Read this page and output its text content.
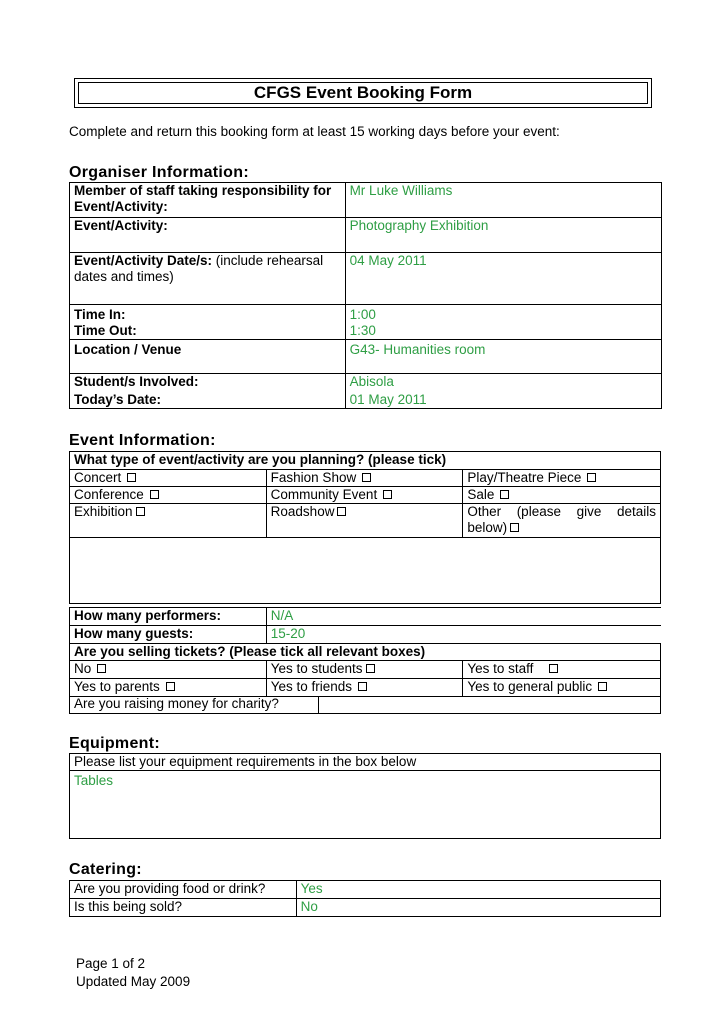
CFGS Event Booking Form
Complete and return this booking form at least 15 working days before your event:
Organiser Information:
Member of staff taking responsibility for Event/Activity:	Mr Luke Williams
Event/Activity:	Photography Exhibition
Event/Activity Date/s: (include rehearsal dates and times)	04 May 2011
Time In:	1:00
Time Out:	1:30
Location / Venue	G43- Humanities room
Student/s Involved:	Abisola
Today’s Date:	01 May 2011
Event Information:
What type of event/activity are you planning? (please tick)		
Concert	Fashion Show	Play/Theatre Piece
Conference	Community Event	Sale
Exhibition	Roadshow	Other (please give details below)

How many performers:	N/A	
How many guests:	15-20	
Are you selling tickets? (Please tick all relevant boxes)		
No	Yes to students	Yes to staff
Yes to parents	Yes to friends	Yes to general public
Are you raising money for charity?	
Equipment:
Please list your equipment requirements in the box below	
Tables
Catering:
Are you providing food or drink?	Yes
Is this being sold?	No
Page 1 of 2
Updated May 2009
